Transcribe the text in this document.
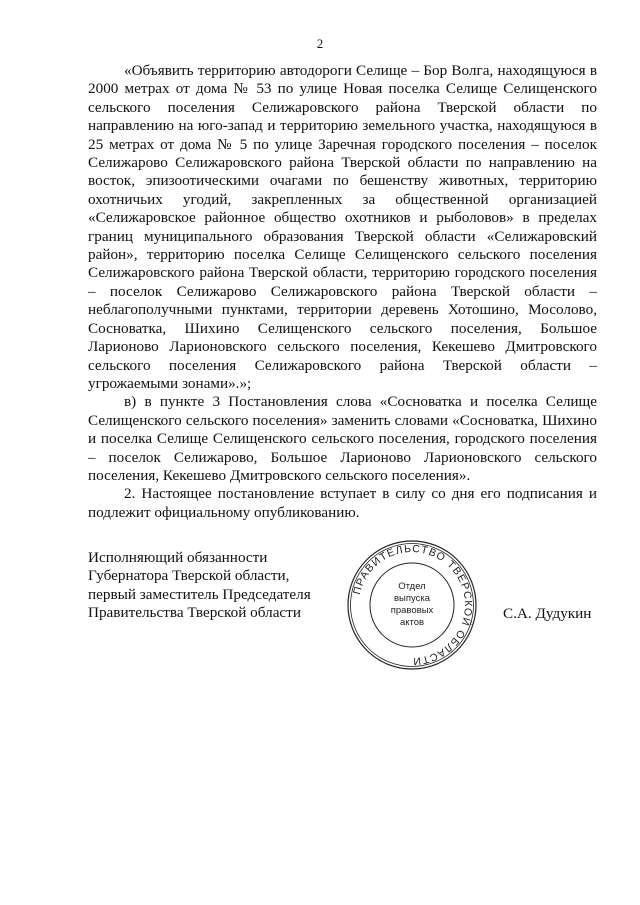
2

«Объявить территорию автодороги Селище – Бор Волга, находящуюся в 2000 метрах от дома № 53 по улице Новая поселка Селище Селищенского сельского поселения Селижаровского района Тверской области по направлению на юго-запад и территорию земельного участка, находящуюся в 25 метрах от дома № 5 по улице Заречная городского поселения – поселок Селижарово Селижаровского района Тверской области по направлению на восток, эпизоотическими очагами по бешенству животных, территорию охотничьих угодий, закрепленных за общественной организацией «Селижаровское районное общество охотников и рыболовов» в пределах границ муниципального образования Тверской области «Селижаровский район», территорию поселка Селище Селищенского сельского поселения Селижаровского района Тверской области, территорию городского поселения – поселок Селижарово Селижаровского района Тверской области – неблагополучными пунктами, территории деревень Хотошино, Мосолово, Сосноватка, Шихино Селищенского сельского поселения, Большое Ларионово Ларионовского сельского поселения, Кекешево Дмитровского сельского поселения Селижаровского района Тверской области – угрожаемыми зонами».»;

в) в пункте 3 Постановления слова «Сосноватка и поселка Селище Селищенского сельского поселения» заменить словами «Сосноватка, Шихино и поселка Селище Селищенского сельского поселения, городского поселения – поселок Селижарово, Большое Ларионово Ларионовского сельского поселения, Кекешево Дмитровского сельского поселения».

2. Настоящее постановление вступает в силу со дня его подписания и подлежит официальному опубликованию.

Исполняющий обязанности
Губернатора Тверской области,
первый заместитель Председателя
Правительства Тверской области
ПРАВИТЕЛЬСТВО ТВЕРСКОЙ ОБЛАСТИ
Отдел
выпуска
правовых
актов
С.А. Дудукин
